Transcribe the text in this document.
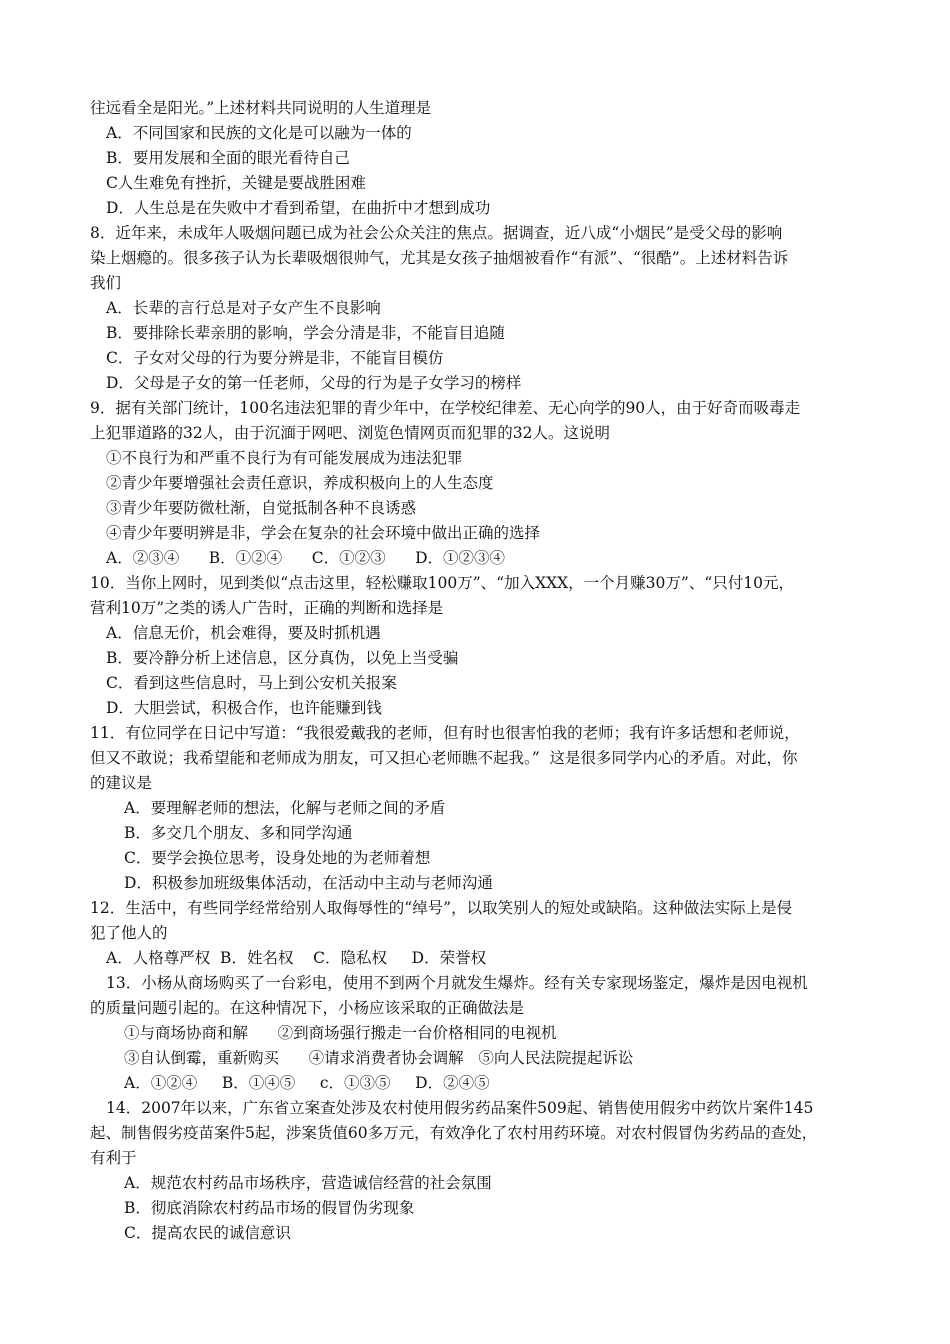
往远看全是阳光。”上述材料共同说明的人生道理是
A．不同国家和民族的文化是可以融为一体的
B．要用发展和全面的眼光看待自己
C人生难免有挫折，关键是要战胜困难
D．人生总是在失败中才看到希望，在曲折中才想到成功
8．近年来，未成年人吸烟问题已成为社会公众关注的焦点。据调查，近八成“小烟民”是受父母的影响
染上烟瘾的。很多孩子认为长辈吸烟很帅气，尤其是女孩子抽烟被看作“有派”、“很酷”。上述材料告诉
我们
A．长辈的言行总是对子女产生不良影响
B．要排除长辈亲朋的影响，学会分清是非，不能盲目追随
C．子女对父母的行为要分辨是非，不能盲目模仿
D．父母是子女的第一任老师，父母的行为是子女学习的榜样
9．据有关部门统计，100名违法犯罪的青少年中，在学校纪律差、无心向学的90人，由于好奇而吸毒走
上犯罪道路的32人，由于沉湎于网吧、浏览色情网页而犯罪的32人。这说明
①不良行为和严重不良行为有可能发展成为违法犯罪
②青少年要增强社会责任意识，养成积极向上的人生态度
③青少年要防微杜渐，自觉抵制各种不良诱惑
④青少年要明辨是非，学会在复杂的社会环境中做出正确的选择
A．②③④      B．①②④      C．①②③      D．①②③④
10．当你上网时，见到类似“点击这里，轻松赚取100万”、“加入XXX，一个月赚30万”、“只付10元，
营利10万”之类的诱人广告时，正确的判断和选择是
A．信息无价，机会难得，要及时抓机遇
B．要冷静分析上述信息，区分真伪，以免上当受骗
C．看到这些信息时，马上到公安机关报案
D．大胆尝试，积极合作，也许能赚到钱
11．有位同学在日记中写道：“我很爱戴我的老师，但有时也很害怕我的老师；我有许多话想和老师说，
但又不敢说；我希望能和老师成为朋友，可又担心老师瞧不起我。”  这是很多同学内心的矛盾。对此，你
的建议是
A．要理解老师的想法，化解与老师之间的矛盾
B．多交几个朋友、多和同学沟通
C．要学会换位思考，设身处地的为老师着想
D．积极参加班级集体活动，在活动中主动与老师沟通
12．生活中，有些同学经常给别人取侮辱性的“绰号”，以取笑别人的短处或缺陷。这种做法实际上是侵
犯了他人的
A．人格尊严权  B．姓名权    C．隐私权     D．荣誉权
13．小杨从商场购买了一台彩电，使用不到两个月就发生爆炸。经有关专家现场鉴定，爆炸是因电视机
的质量问题引起的。在这种情况下，小杨应该采取的正确做法是
①与商场协商和解      ②到商场强行搬走一台价格相同的电视机
③自认倒霉，重新购买      ④请求消费者协会调解   ⑤向人民法院提起诉讼
A．①②④     B．①④⑤     c．①③⑤     D．②④⑤
14．2007年以来，广东省立案查处涉及农村使用假劣药品案件509起、销售使用假劣中药饮片案件145
起、制售假劣疫苗案件5起，涉案货值60多万元，有效净化了农村用药环境。对农村假冒伪劣药品的查处，
有利于
A．规范农村药品市场秩序，营造诚信经营的社会氛围
B．彻底消除农村药品市场的假冒伪劣现象
C．提高农民的诚信意识
